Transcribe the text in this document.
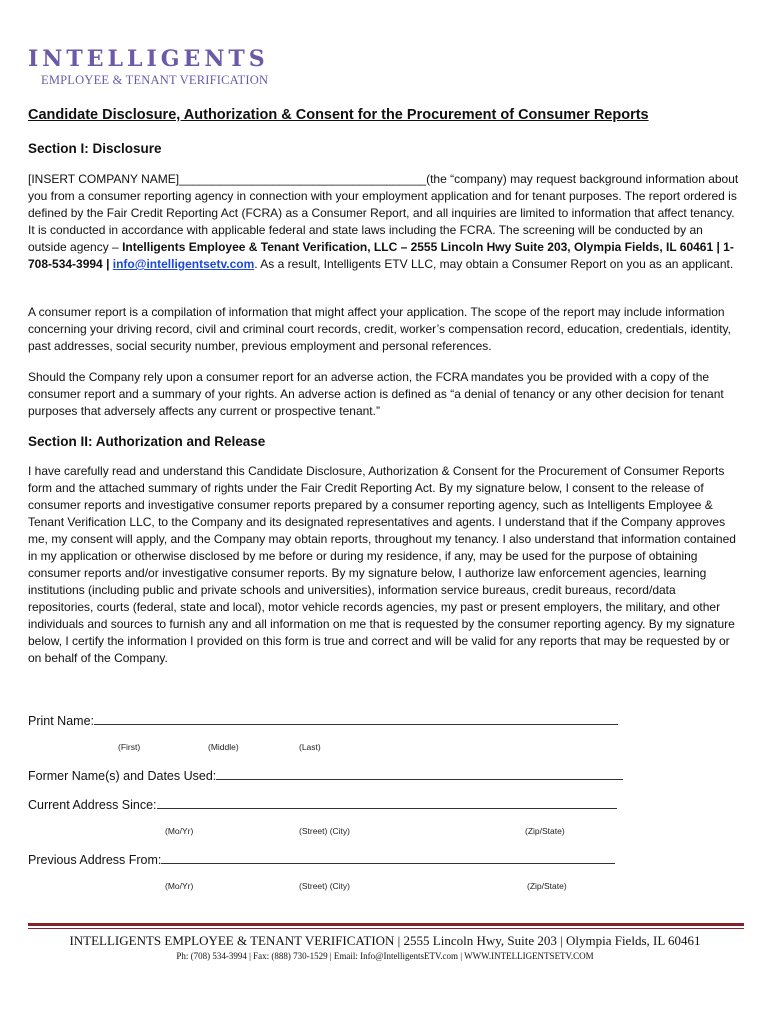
INTELLIGENTS
EMPLOYEE & TENANT VERIFICATION
Candidate Disclosure, Authorization & Consent for the Procurement of Consumer Reports
Section I: Disclosure
[INSERT COMPANY NAME]_____________________________________(the “company) may request background information about you from a consumer reporting agency in connection with your employment application and for tenant purposes. The report ordered is defined by the Fair Credit Reporting Act (FCRA) as a Consumer Report, and all inquiries are limited to information that affect tenancy. It is conducted in accordance with applicable federal and state laws including the FCRA. The screening will be conducted by an outside agency – Intelligents Employee & Tenant Verification, LLC – 2555 Lincoln Hwy Suite 203, Olympia Fields, IL 60461 | 1-708-534-3994 | info@intelligentsetv.com. As a result, Intelligents ETV LLC, may obtain a Consumer Report on you as an applicant.
A consumer report is a compilation of information that might affect your application. The scope of the report may include information concerning your driving record, civil and criminal court records, credit, worker’s compensation record, education, credentials, identity, past addresses, social security number, previous employment and personal references.
Should the Company rely upon a consumer report for an adverse action, the FCRA mandates you be provided with a copy of the consumer report and a summary of your rights. An adverse action is defined as “a denial of tenancy or any other decision for tenant purposes that adversely affects any current or prospective tenant.”
Section II: Authorization and Release
I have carefully read and understand this Candidate Disclosure, Authorization & Consent for the Procurement of Consumer Reports form and the attached summary of rights under the Fair Credit Reporting Act. By my signature below, I consent to the release of consumer reports and investigative consumer reports prepared by a consumer reporting agency, such as Intelligents Employee & Tenant Verification LLC, to the Company and its designated representatives and agents. I understand that if the Company approves me, my consent will apply, and the Company may obtain reports, throughout my tenancy. I also understand that information contained in my application or otherwise disclosed by me before or during my residence, if any, may be used for the purpose of obtaining consumer reports and/or investigative consumer reports. By my signature below, I authorize law enforcement agencies, learning institutions (including public and private schools and universities), information service bureaus, credit bureaus, record/data repositories, courts (federal, state and local), motor vehicle records agencies, my past or present employers, the military, and other individuals and sources to furnish any and all information on me that is requested by the consumer reporting agency. By my signature below, I certify the information I provided on this form is true and correct and will be valid for any reports that may be requested by or on behalf of the Company.
Print Name:
(First)	(Middle)	(Last)
Former Name(s) and Dates Used:
Current Address Since:
(Mo/Yr)	(Street) (City)	(Zip/State)
Previous Address From:
(Mo/Yr)	(Street) (City)	(Zip/State)
INTELLIGENTS EMPLOYEE & TENANT VERIFICATION | 2555 Lincoln Hwy, Suite 203 | Olympia Fields, IL 60461
Ph: (708) 534-3994 | Fax: (888) 730-1529 | Email: Info@IntelligentsETV.com | WWW.INTELLIGENTSETV.COM
